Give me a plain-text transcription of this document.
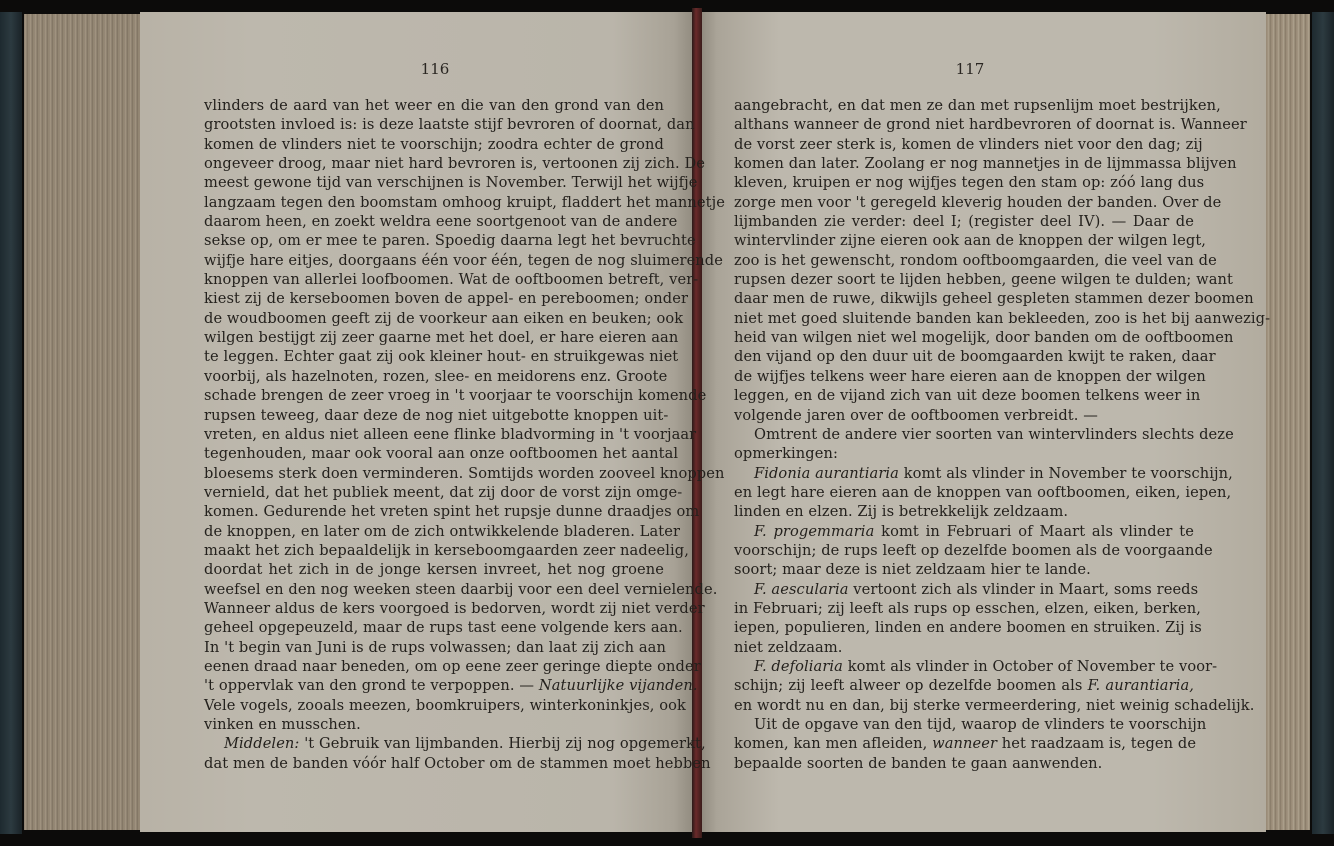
116	117
vlinders de aard van het weer en die van den grond van den
grootsten invloed is: is deze laatste stijf bevroren of doornat, dan
komen de vlinders niet te voorschijn; zoodra echter de grond
ongeveer droog, maar niet hard bevroren is, vertoonen zij zich. De
meest gewone tijd van verschijnen is November. Terwijl het wijfje
langzaam tegen den boomstam omhoog kruipt, fladdert het mannetje
daarom heen, en zoekt weldra eene soortgenoot van de andere
sekse op, om er mee te paren. Spoedig daarna legt het bevruchte
wijfje hare eitjes, doorgaans één voor één, tegen de nog sluimerende
knoppen van allerlei loofboomen. Wat de ooftboomen betreft, ver-
kiest zij de kerseboomen boven de appel- en pereboomen; onder
de woudboomen geeft zij de voorkeur aan eiken en beuken; ook
wilgen bestijgt zij zeer gaarne met het doel, er hare eieren aan
te leggen. Echter gaat zij ook kleiner hout- en struikgewas niet
voorbij, als hazelnoten, rozen, slee- en meidorens enz. Groote
schade brengen de zeer vroeg in 't voorjaar te voorschijn komende
rupsen teweeg, daar deze de nog niet uitgebotte knoppen uit-
vreten, en aldus niet alleen eene flinke bladvorming in 't voorjaar
tegenhouden, maar ook vooral aan onze ooftboomen het aantal
bloesems sterk doen verminderen. Somtijds worden zooveel knoppen
vernield, dat het publiek meent, dat zij door de vorst zijn omge-
komen. Gedurende het vreten spint het rupsje dunne draadjes om
de knoppen, en later om de zich ontwikkelende bladeren. Later
maakt het zich bepaaldelijk in kerseboomgaarden zeer nadeelig,
doordat het zich in de jonge kersen invreet, het nog groene
weefsel en den nog weeken steen daarbij voor een deel vernielende.
Wanneer aldus de kers voorgoed is bedorven, wordt zij niet verder
geheel opgepeuzeld, maar de rups tast eene volgende kers aan.
In 't begin van Juni is de rups volwassen; dan laat zij zich aan
eenen draad naar beneden, om op eene zeer geringe diepte onder
't oppervlak van den grond te verpoppen. — Natuurlijke vijanden.
Vele vogels, zooals meezen, boomkruipers, winterkoninkjes, ook
vinken en musschen.
Middelen: 't Gebruik van lijmbanden. Hierbij zij nog opgemerkt,
dat men de banden vóór half October om de stammen moet hebben
aangebracht, en dat men ze dan met rupsenlijm moet bestrijken,
althans wanneer de grond niet hardbevroren of doornat is. Wanneer
de vorst zeer sterk is, komen de vlinders niet voor den dag; zij
komen dan later. Zoolang er nog mannetjes in de lijmmassa blijven
kleven, kruipen er nog wijfjes tegen den stam op: zóó lang dus
zorge men voor 't geregeld kleverig houden der banden. Over de
lijmbanden zie verder: deel I; (register deel IV). — Daar de
wintervlinder zijne eieren ook aan de knoppen der wilgen legt,
zoo is het gewenscht, rondom ooftboomgaarden, die veel van de
rupsen dezer soort te lijden hebben, geene wilgen te dulden; want
daar men de ruwe, dikwijls geheel gespleten stammen dezer boomen
niet met goed sluitende banden kan bekleeden, zoo is het bij aanwezig-
heid van wilgen niet wel mogelijk, door banden om de ooftboomen
den vijand op den duur uit de boomgaarden kwijt te raken, daar
de wijfjes telkens weer hare eieren aan de knoppen der wilgen
leggen, en de vijand zich van uit deze boomen telkens weer in
volgende jaren over de ooftboomen verbreidt. —
Omtrent de andere vier soorten van wintervlinders slechts deze
opmerkingen:
Fidonia aurantiaria komt als vlinder in November te voorschijn,
en legt hare eieren aan de knoppen van ooftboomen, eiken, iepen,
linden en elzen. Zij is betrekkelijk zeldzaam.
F. progemmaria komt in Februari of Maart als vlinder te
voorschijn; de rups leeft op dezelfde boomen als de voorgaande
soort; maar deze is niet zeldzaam hier te lande.
F. aescularia vertoont zich als vlinder in Maart, soms reeds
in Februari; zij leeft als rups op esschen, elzen, eiken, berken,
iepen, populieren, linden en andere boomen en struiken. Zij is
niet zeldzaam.
F. defoliaria komt als vlinder in October of November te voor-
schijn; zij leeft alweer op dezelfde boomen als F. aurantiaria,
en wordt nu en dan, bij sterke vermeerdering, niet weinig schadelijk.
Uit de opgave van den tijd, waarop de vlinders te voorschijn
komen, kan men afleiden, wanneer het raadzaam is, tegen de
bepaalde soorten de banden te gaan aanwenden.
